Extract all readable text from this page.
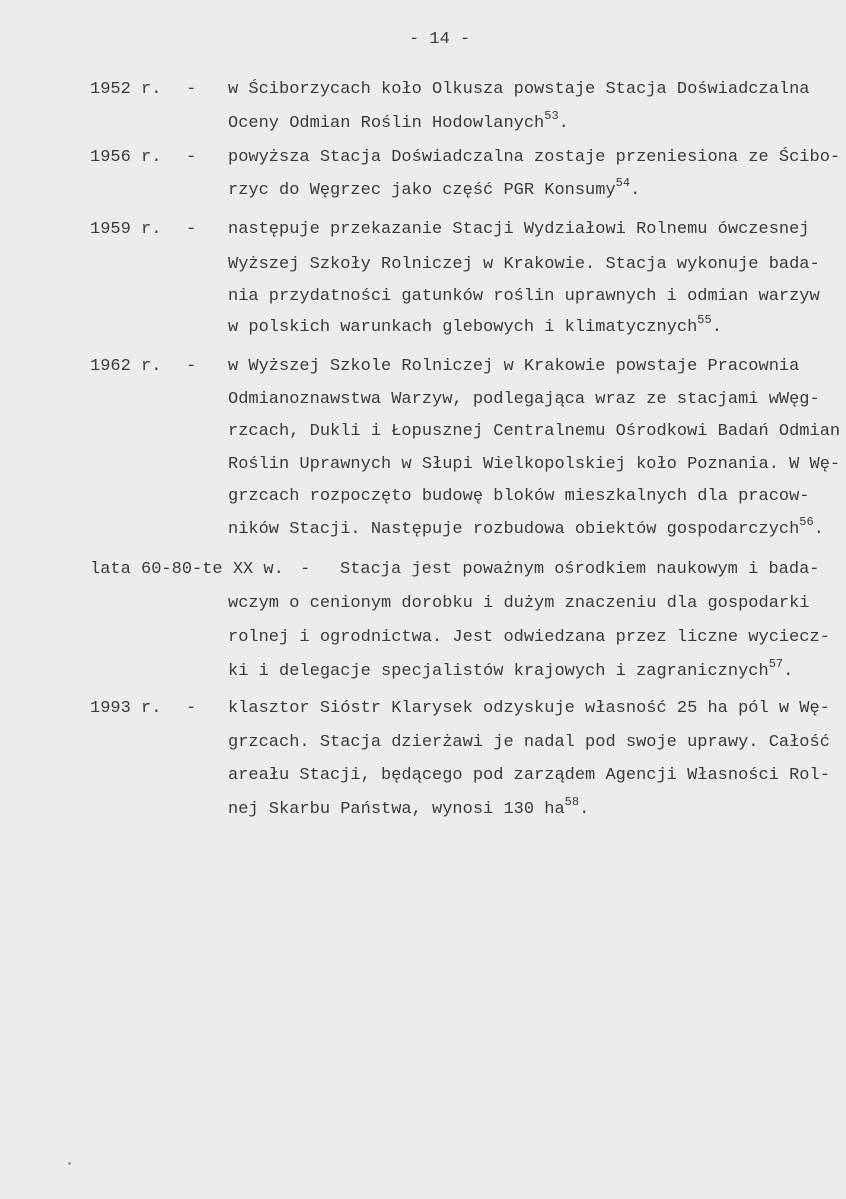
- 14 -
1952 r. - w Ściborzycach koło Olkusza powstaje Stacja Doświadczalna
Oceny Odmian Roślin Hodowlanych$^{53}$.
1956 r. - powyższa Stacja Doświadczalna zostaje przeniesiona ze Ścibo-
rzyc do Węgrzec jako część PGR Konsumy$^{54}$.
1959 r. - następuje przekazanie Stacji Wydziałowi Rolnemu ówczesnej
Wyższej Szkoły Rolniczej w Krakowie. Stacja wykonuje bada-
nia przydatności gatunków roślin uprawnych i odmian warzyw
w polskich warunkach glebowych i klimatycznych$^{55}$.
1962 r. - w Wyższej Szkole Rolniczej w Krakowie powstaje Pracownia
Odmianoznawstwa Warzyw, podlegająca wraz ze stacjami wWęg-
rzcach, Dukli i Łopusznej Centralnemu Ośrodkowi Badań Odmian
Roślin Uprawnych w Słupi Wielkopolskiej koło Poznania. W Wę-
grzcach rozpoczęto budowę bloków mieszkalnych dla pracow-
ników Stacji. Następuje rozbudowa obiektów gospodarczych$^{56}$.
lata 60-80-te XX w. - Stacja jest poważnym ośrodkiem naukowym i bada-
wczym o cenionym dorobku i dużym znaczeniu dla gospodarki
rolnej i ogrodnictwa. Jest odwiedzana przez liczne wyciecz-
ki i delegacje specjalistów krajowych i zagranicznych$^{57}$.
1993 r. - klasztor Sióstr Klarysek odzyskuje własność 25 ha pól w Wę-
grzcach. Stacja dzierżawi je nadal pod swoje uprawy. Całość
areału Stacji, będącego pod zarządem Agencji Własności Rol-
nej Skarbu Państwa, wynosi 130 $ha^{58}$.
